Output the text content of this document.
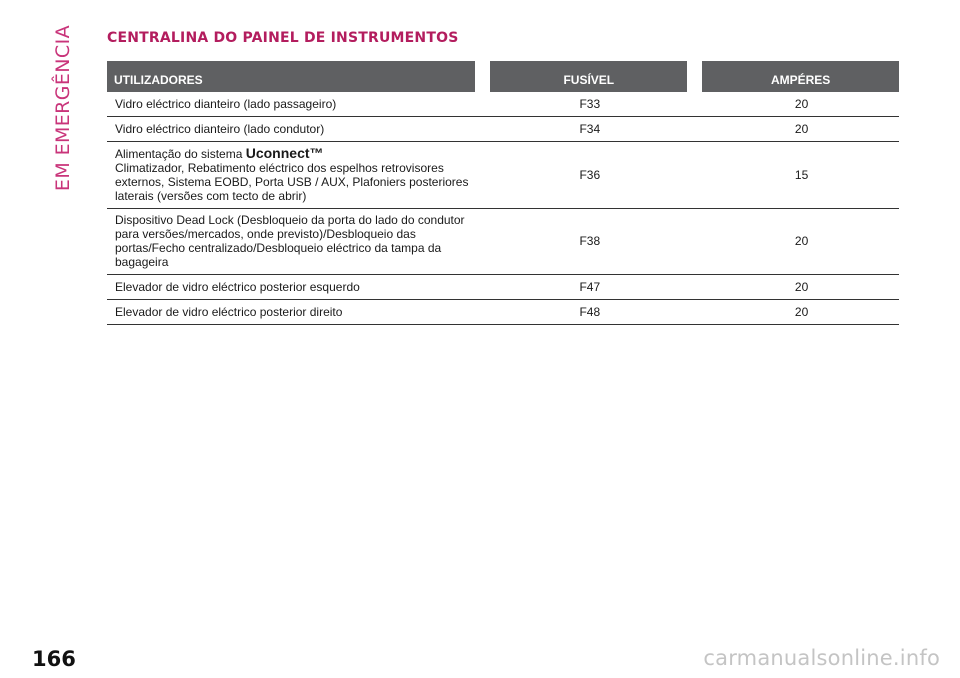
EM EMERGÊNCIA CENTRALINA DO PAINEL DE INSTRUMENTOS
UTILIZADORES		FUSÍVEL		AMPÉRES
Vidro eléctrico dianteiro (lado passageiro)		F33		20
Vidro eléctrico dianteiro (lado condutor)		F34		20
Alimentação do sistema Uconnect™
Climatizador, Rebatimento eléctrico dos espelhos retrovisores externos, Sistema EOBD, Porta USB / AUX, Plafoniers posteriores laterais (versões com tecto de abrir)		F36		15
Dispositivo Dead Lock (Desbloqueio da porta do lado do condutor para versões/mercados, onde previsto)/Desbloqueio das portas/Fecho centralizado/Desbloqueio eléctrico da tampa da bagageira		F38		20
Elevador de vidro eléctrico posterior esquerdo		F47		20
Elevador de vidro eléctrico posterior direito		F48		20
166	carmanualsonline.info
